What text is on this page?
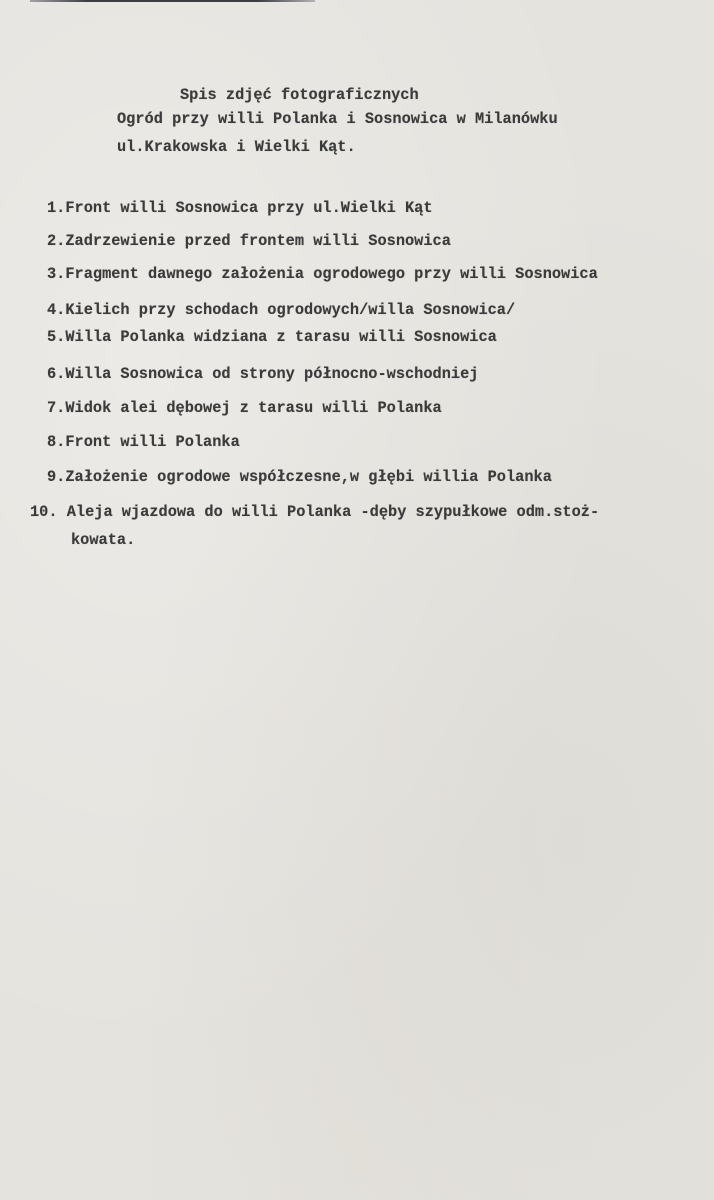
Spis zdjęć fotograficznych
Ogród przy willi Polanka i Sosnowica w Milanówku
ul.Krakowska i Wielki Kąt.
1.Front willi Sosnowica przy ul.Wielki Kąt
2.Zadrzewienie przed frontem willi Sosnowica
3.Fragment dawnego założenia ogrodowego przy willi Sosnowica
4.Kielich przy schodach ogrodowych/willa Sosnowica/
5.Willa Polanka widziana z tarasu willi Sosnowica
6.Willa Sosnowica od strony północno-wschodniej
7.Widok alei dębowej z tarasu willi Polanka
8.Front willi Polanka
9.Założenie ogrodowe współczesne,w głębi willia Polanka
10. Aleja wjazdowa do willi Polanka -dęby szypułkowe odm.stoż-
kowata.
